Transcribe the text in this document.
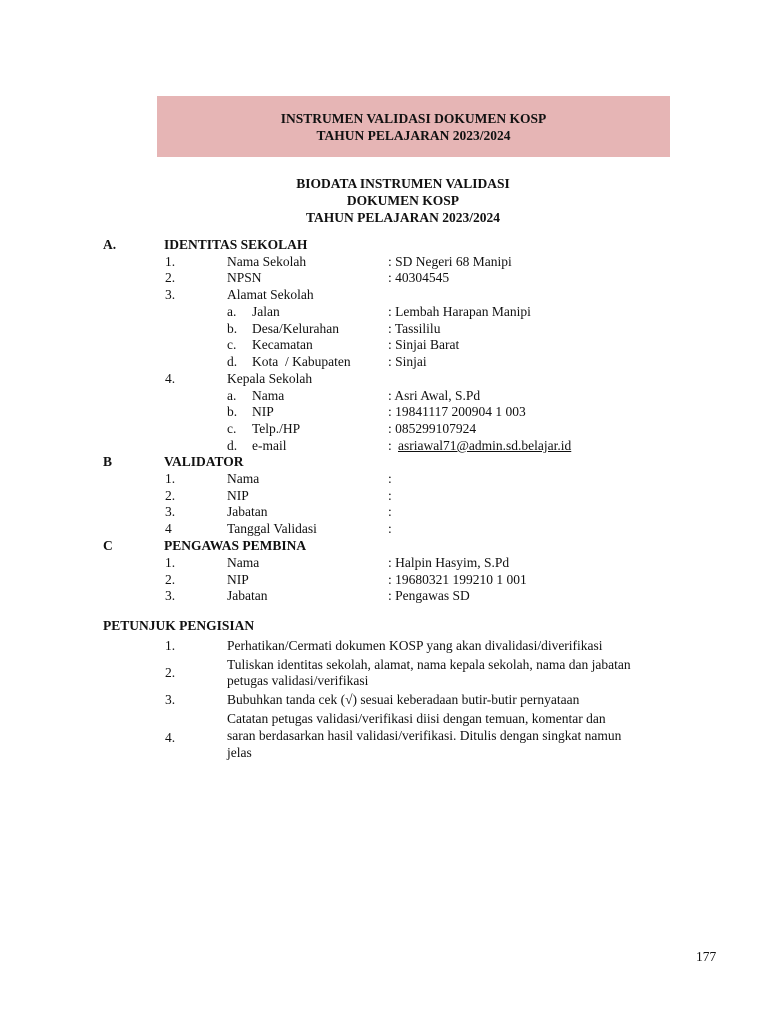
INSTRUMEN VALIDASI DOKUMEN KOSP
TAHUN PELAJARAN 2023/2024
BIODATA INSTRUMEN VALIDASI
DOKUMEN KOSP
TAHUN PELAJARAN 2023/2024
A.	IDENTITAS SEKOLAH
1.	Nama Sekolah	: SD Negeri 68 Manipi
2.	NPSN	: 40304545
3.	Alamat Sekolah
a. Jalan	: Lembah Harapan Manipi
b. Desa/Kelurahan	: Tassililu
c. Kecamatan	: Sinjai Barat
d. Kota  / Kabupaten	: Sinjai
4.	Kepala Sekolah
a. Nama	: Asri Awal, S.Pd
b. NIP	: 19841117 200904 1 003
c. Telp./HP	: 085299107924
d. e-mail	: asriawal71@admin.sd.belajar.id
B	VALIDATOR
1.	Nama	:
2.	NIP	:
3.	Jabatan	:
4	Tanggal Validasi	:
C	PENGAWAS PEMBINA
1.	Nama	: Halpin Hasyim, S.Pd
2.	NIP	: 19680321 199210 1 001
3.	Jabatan	: Pengawas SD
PETUNJUK PENGISIAN
1.	Perhatikan/Cermati dokumen KOSP yang akan divalidasi/diverifikasi
2.
Tuliskan identitas sekolah, alamat, nama kepala sekolah, nama dan jabatan
petugas validasi/verifikasi
3.	Bubuhkan tanda cek (√) sesuai keberadaan butir-butir pernyataan
4.
Catatan petugas validasi/verifikasi diisi dengan temuan, komentar dan
saran berdasarkan hasil validasi/verifikasi. Ditulis dengan singkat namun
jelas
177
